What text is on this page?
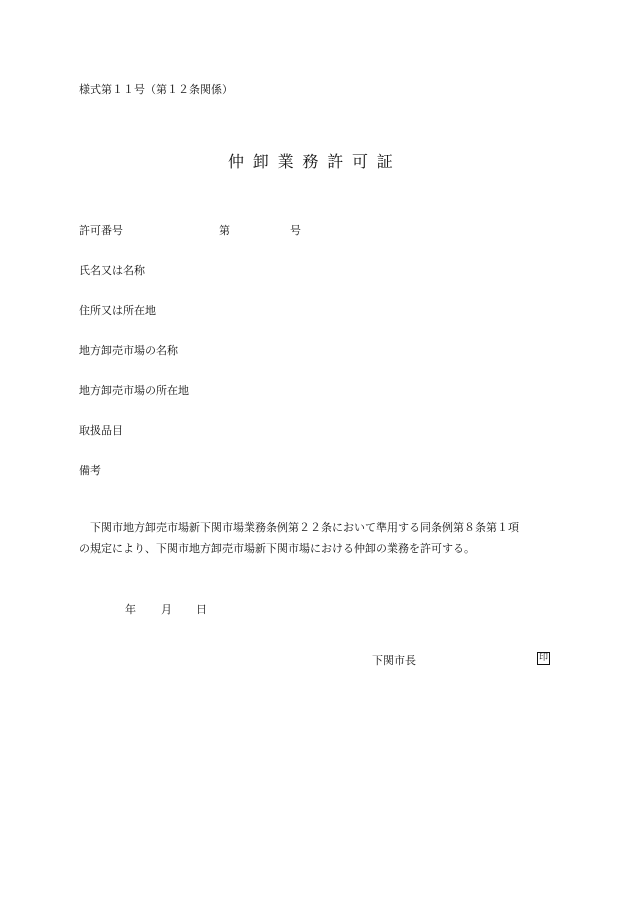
様式第１１号（第１２条関係）
仲卸業務許可証
許可番号	第	号
氏名又は名称
住所又は所在地
地方卸売市場の名称
地方卸売市場の所在地
取扱品目
備考
　下関市地方卸売市場新下関市場業務条例第２２条において準用する同条例第８条第１項
の規定により、下関市地方卸売市場新下関市場における仲卸の業務を許可する。
年 月 日
下関市長	印
